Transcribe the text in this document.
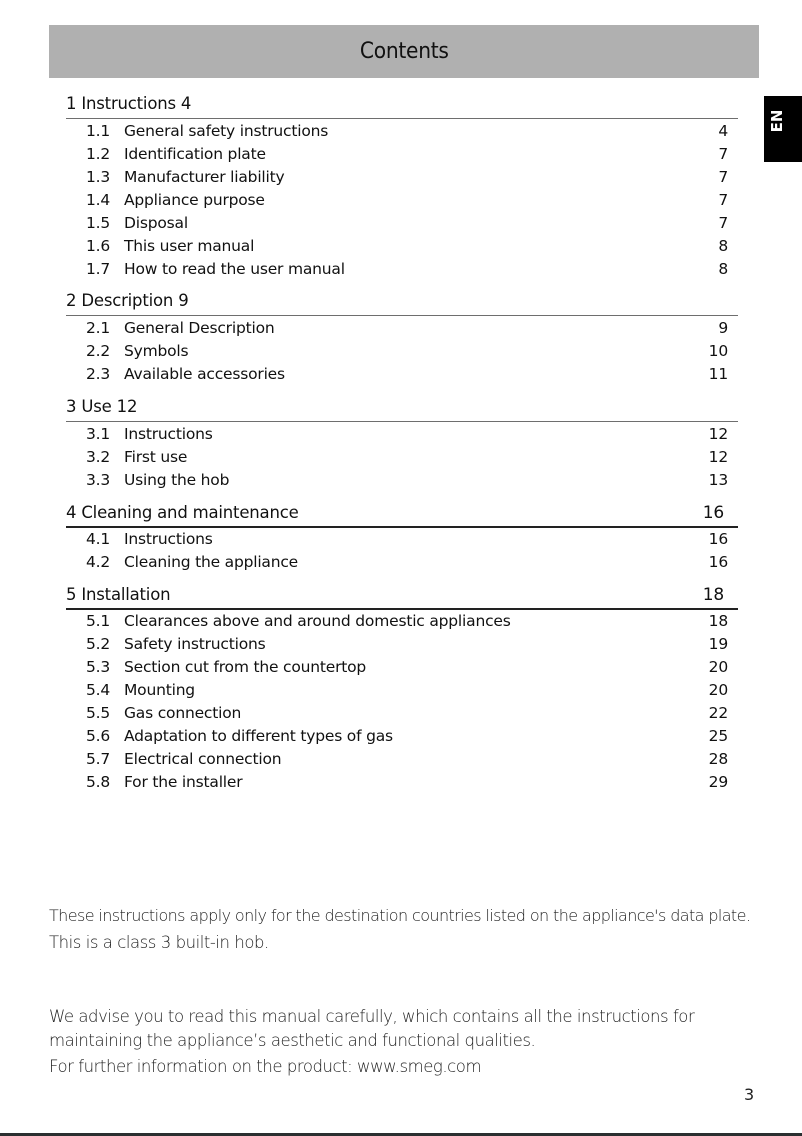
Contents
EN
1 Instructions 4
1.1 General safety instructions	4
1.2 Identification plate	7
1.3 Manufacturer liability	7
1.4 Appliance purpose	7
1.5 Disposal	7
1.6 This user manual	8
1.7 How to read the user manual	8
2 Description 9
2.1 General Description	9
2.2 Symbols	10
2.3 Available accessories	11
3 Use 12
3.1 Instructions	12
3.2 First use	12
3.3 Using the hob	13
4 Cleaning and maintenance	16
4.1 Instructions	16
4.2 Cleaning the appliance	16
5 Installation	18
5.1 Clearances above and around domestic appliances	18
5.2 Safety instructions	19
5.3 Section cut from the countertop	20
5.4 Mounting	20
5.5 Gas connection	22
5.6 Adaptation to different types of gas	25
5.7 Electrical connection	28
5.8 For the installer	29
These instructions apply only for the destination countries listed on the appliance's data plate.
This is a class 3 built-in hob.
We advise you to read this manual carefully, which contains all the instructions for
maintaining the appliance’s aesthetic and functional qualities.
For further information on the product: www.smeg.com
3
